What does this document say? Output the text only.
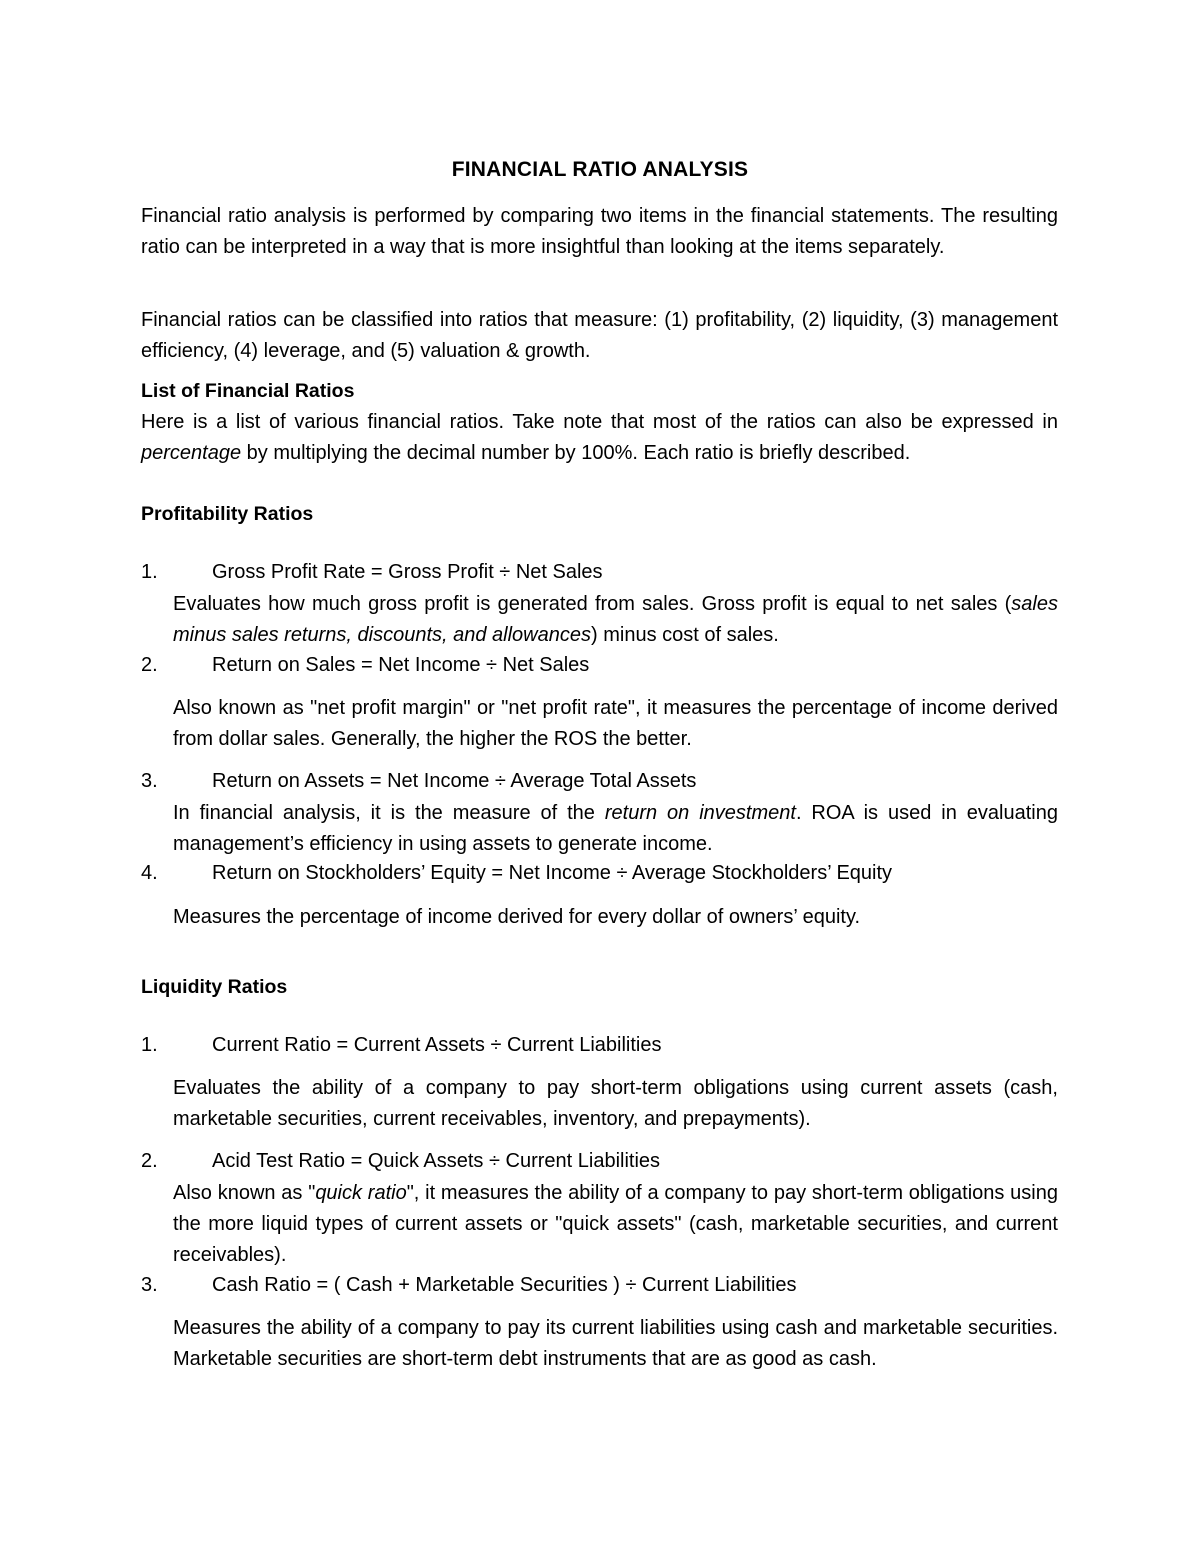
FINANCIAL RATIO ANALYSIS
Financial ratio analysis is performed by comparing two items in the financial statements. The resulting ratio can be interpreted in a way that is more insightful than looking at the items separately.
Financial ratios can be classified into ratios that measure: (1) profitability, (2) liquidity, (3) management efficiency, (4) leverage, and (5) valuation & growth.
List of Financial Ratios
Here is a list of various financial ratios. Take note that most of the ratios can also be expressed in percentage by multiplying the decimal number by 100%. Each ratio is briefly described.
Profitability Ratios
1.	Gross Profit Rate = Gross Profit ÷ Net Sales
Evaluates how much gross profit is generated from sales. Gross profit is equal to net sales (sales minus sales returns, discounts, and allowances) minus cost of sales.
2.	Return on Sales = Net Income ÷ Net Sales
Also known as "net profit margin" or "net profit rate", it measures the percentage of income derived from dollar sales. Generally, the higher the ROS the better.
3.	Return on Assets = Net Income ÷ Average Total Assets
In financial analysis, it is the measure of the return on investment. ROA is used in evaluating management’s efficiency in using assets to generate income.
4.	Return on Stockholders’ Equity = Net Income ÷ Average Stockholders’ Equity
Measures the percentage of income derived for every dollar of owners’ equity.
Liquidity Ratios
1.	Current Ratio = Current Assets ÷ Current Liabilities
Evaluates the ability of a company to pay short-term obligations using current assets (cash, marketable securities, current receivables, inventory, and prepayments).
2.	Acid Test Ratio = Quick Assets ÷ Current Liabilities
Also known as "quick ratio", it measures the ability of a company to pay short-term obligations using the more liquid types of current assets or "quick assets" (cash, marketable securities, and current receivables).
3.	Cash Ratio = ( Cash + Marketable Securities ) ÷ Current Liabilities
Measures the ability of a company to pay its current liabilities using cash and marketable securities. Marketable securities are short-term debt instruments that are as good as cash.
